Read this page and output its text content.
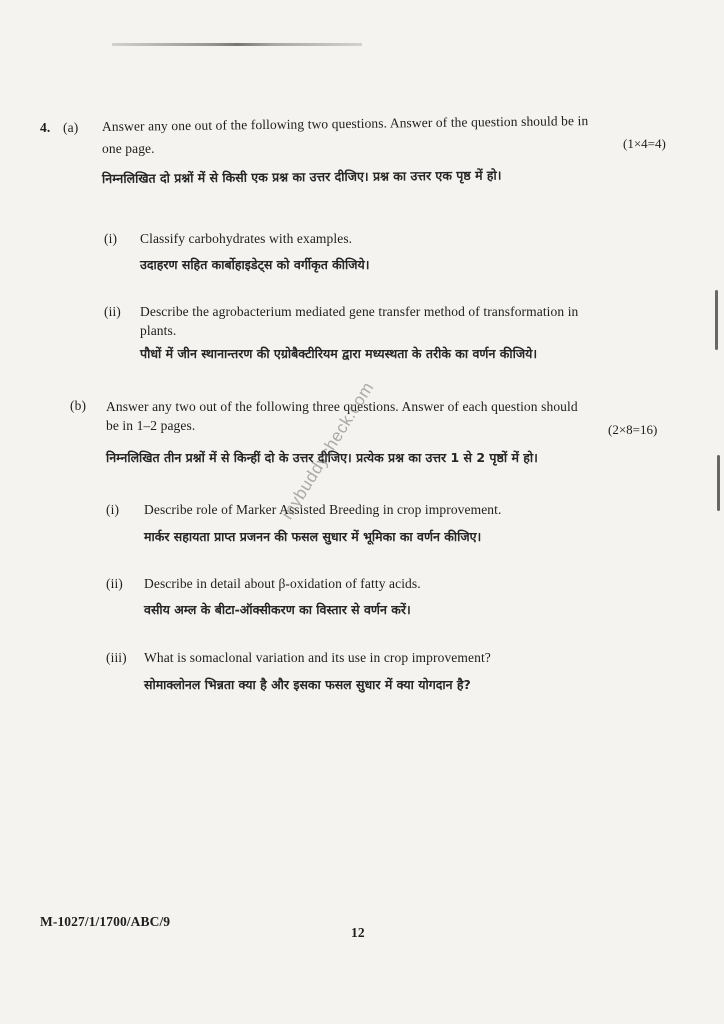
4. (a) Answer any one out of the following two questions. Answer of the question should be in
one page.	(1×4=4)
निम्नलिखित दो प्रश्नों में से किसी एक प्रश्न का उत्तर दीजिए। प्रश्न का उत्तर एक पृष्ठ में हो।
(i) Classify carbohydrates with examples.
उदाहरण सहित कार्बोहाइडेट्स को वर्गीकृत कीजिये।
(ii) Describe the agrobacterium mediated gene transfer method of transformation in
plants.
पौधों में जीन स्थानान्तरण की एग्रोबैक्टीरियम द्वारा मध्यस्थता के तरीके का वर्णन कीजिये।
(b) Answer any two out of the following three questions. Answer of each question should
be in 1–2 pages.	(2×8=16)
निम्नलिखित तीन प्रश्नों में से किन्हीं दो के उत्तर दीजिए। प्रत्येक प्रश्न का उत्तर 1 से 2 पृष्ठों में हो।
(i) Describe role of Marker Assisted Breeding in crop improvement.
मार्कर सहायता प्राप्त प्रजनन की फसल सुधार में भूमिका का वर्णन कीजिए।
(ii) Describe in detail about β-oxidation of fatty acids.
वसीय अम्ल के बीटा-ऑक्सीकरण का विस्तार से वर्णन करें।
(iii) What is somaclonal variation and its use in crop improvement?
सोमाक्लोनल भिन्नता क्या है और इसका फसल सुधार में क्या योगदान है?
mybuddycheck.com
M-1027/1/1700/ABC/9
12
